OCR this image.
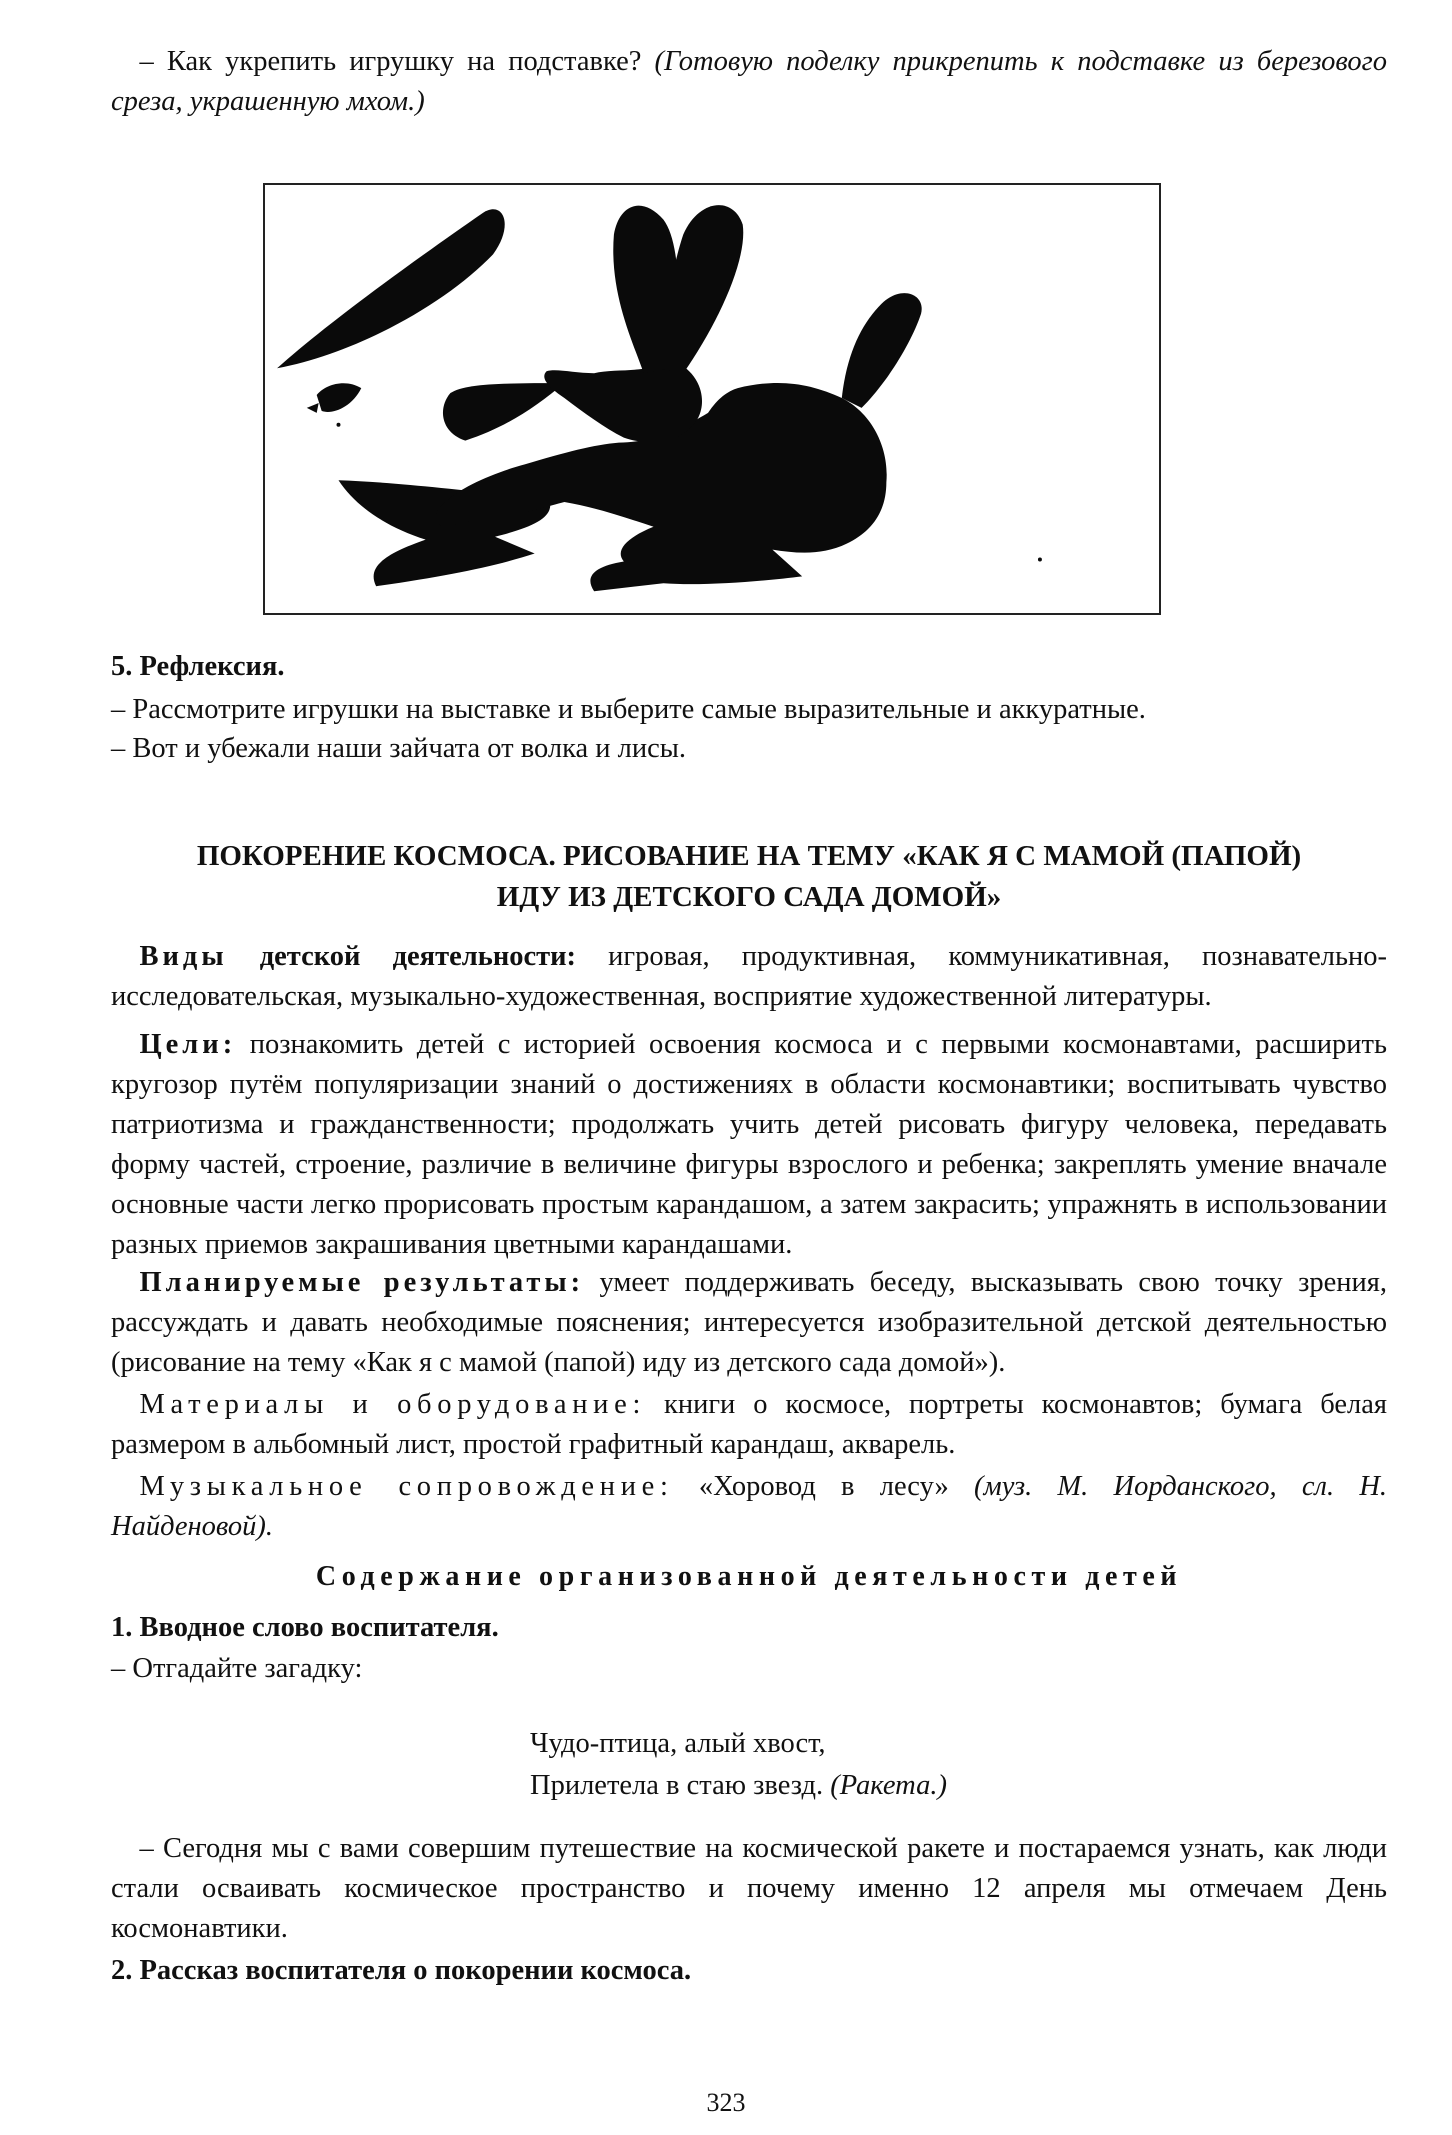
– Как укрепить игрушку на подставке? (Готовую поделку прикрепить к подставке из березового среза, украшенную мхом.)
5. Рефлексия.
– Рассмотрите игрушки на выставке и выберите самые выразительные и аккуратные.
– Вот и убежали наши зайчата от волка и лисы.
ПОКОРЕНИЕ КОСМОСА. РИСОВАНИЕ НА ТЕМУ «КАК Я С МАМОЙ (ПАПОЙ)
ИДУ ИЗ ДЕТСКОГО САДА ДОМОЙ»
Виды детской деятельности: игровая, продуктивная, коммуникативная, познавательно-исследовательская, музыкально-художественная, восприятие художественной литературы.
Цели: познакомить детей с историей освоения космоса и с первыми космонавтами, расширить кругозор путём популяризации знаний о достижениях в области космонавтики; воспитывать чувство патриотизма и гражданственности; продолжать учить детей рисовать фигуру человека, передавать форму частей, строение, различие в величине фигуры взрослого и ребенка; закреплять умение вначале основные части легко прорисовать простым карандашом, а затем закрасить; упражнять в использовании разных приемов закрашивания цветными карандашами.
Планируемые результаты: умеет поддерживать беседу, высказывать свою точку зрения, рассуждать и давать необходимые пояснения; интересуется изобразительной детской деятельностью (рисование на тему «Как я с мамой (папой) иду из детского сада домой»).
Материалы и оборудование: книги о космосе, портреты космонавтов; бумага белая размером в альбомный лист, простой графитный карандаш, акварель.
Музыкальное сопровождение: «Хоровод в лесу» (муз. М. Иорданского, сл. Н. Найденовой).
Содержание организованной деятельности детей
1. Вводное слово воспитателя.
– Отгадайте загадку:
Чудо-птица, алый хвост,
Прилетела в стаю звезд. (Ракета.)
– Сегодня мы с вами совершим путешествие на космической ракете и постараемся узнать, как люди стали осваивать космическое пространство и почему именно 12 апреля мы отмечаем День космонавтики.
2. Рассказ воспитателя о покорении космоса.
323
